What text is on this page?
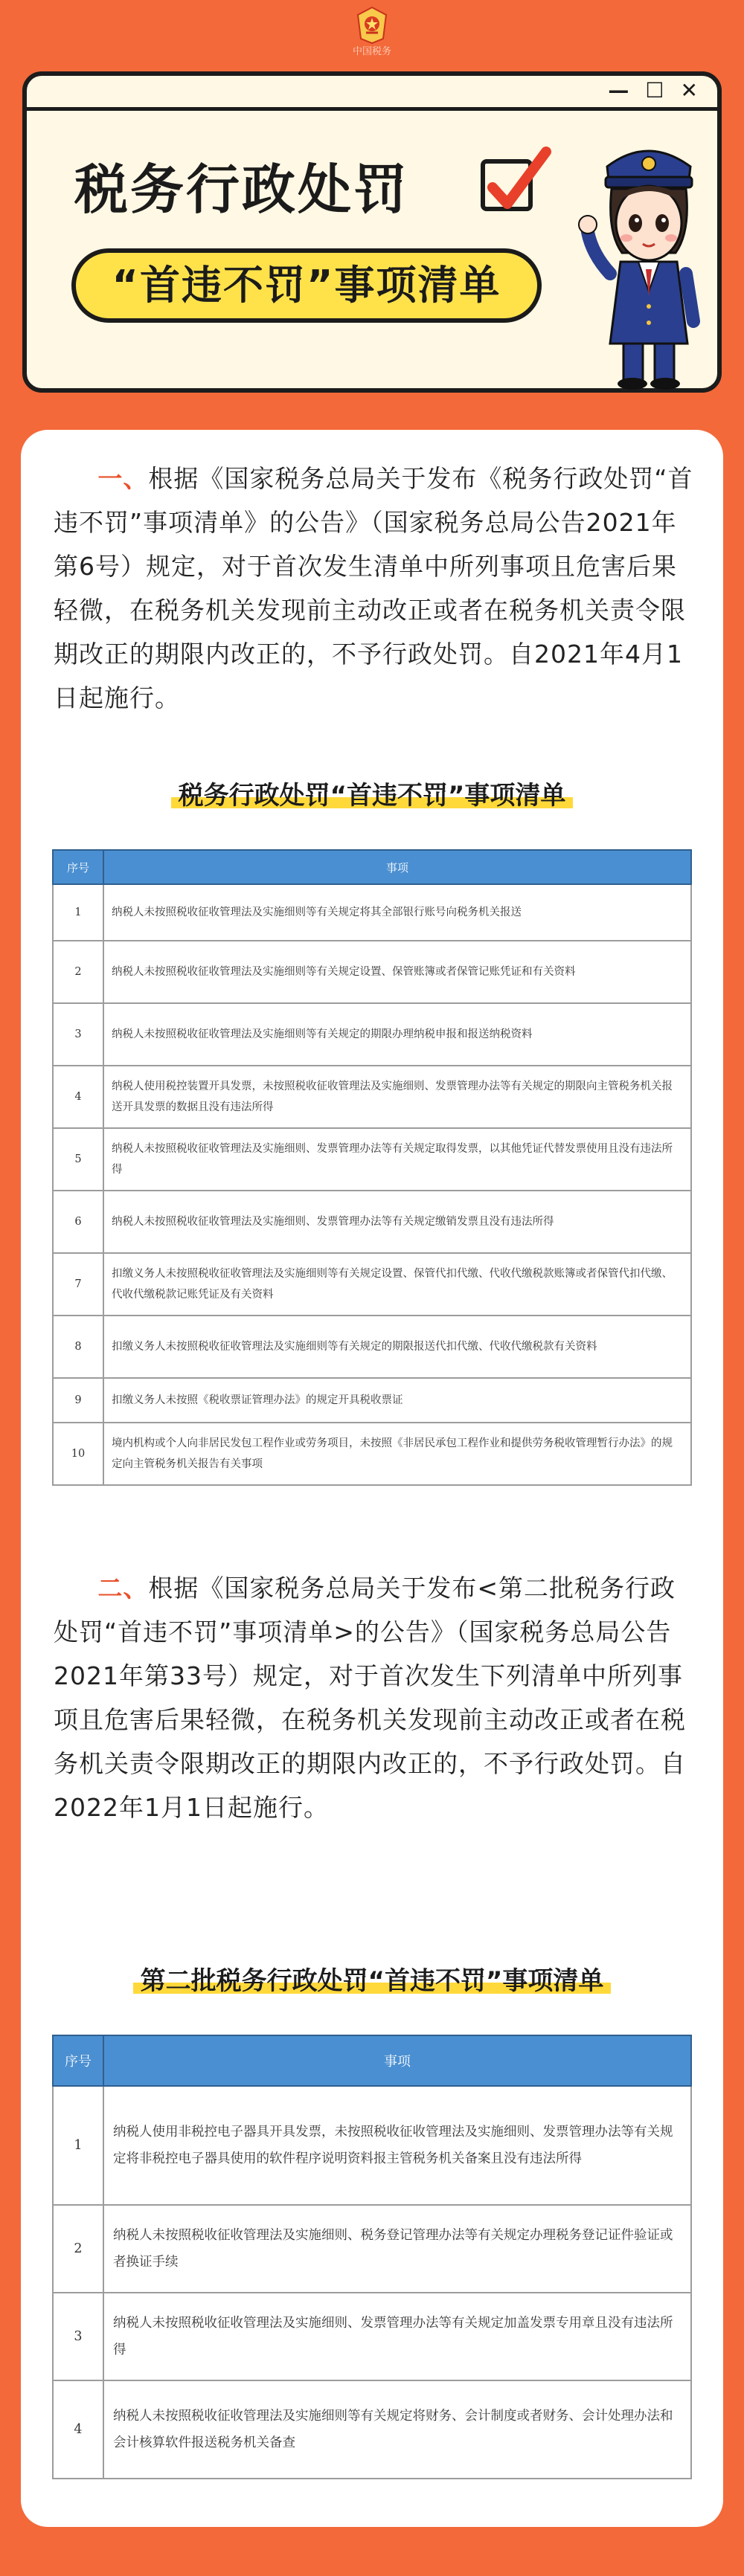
中国税务
— ☐ ✕
税务行政处罚
“首违不罚”事项清单
一、根据《国家税务总局关于发布《税务行政处罚“首违不罚”事项清单》的公告》（国家税务总局公告2021年第6号）规定，对于首次发生清单中所列事项且危害后果轻微，在税务机关发现前主动改正或者在税务机关责令限期改正的期限内改正的，不予行政处罚。自2021年4月1日起施行。
税务行政处罚“首违不罚”事项清单
序号	事项
1	纳税人未按照税收征收管理法及实施细则等有关规定将其全部银行账号向税务机关报送
2	纳税人未按照税收征收管理法及实施细则等有关规定设置、保管账簿或者保管记账凭证和有关资料
3	纳税人未按照税收征收管理法及实施细则等有关规定的期限办理纳税申报和报送纳税资料
4	纳税人使用税控装置开具发票，未按照税收征收管理法及实施细则、发票管理办法等有关规定的期限向主管税务机关报送开具发票的数据且没有违法所得
5	纳税人未按照税收征收管理法及实施细则、发票管理办法等有关规定取得发票，以其他凭证代替发票使用且没有违法所得
6	纳税人未按照税收征收管理法及实施细则、发票管理办法等有关规定缴销发票且没有违法所得
7	扣缴义务人未按照税收征收管理法及实施细则等有关规定设置、保管代扣代缴、代收代缴税款账簿或者保管代扣代缴、代收代缴税款记账凭证及有关资料
8	扣缴义务人未按照税收征收管理法及实施细则等有关规定的期限报送代扣代缴、代收代缴税款有关资料
9	扣缴义务人未按照《税收票证管理办法》的规定开具税收票证
10	境内机构或个人向非居民发包工程作业或劳务项目，未按照《非居民承包工程作业和提供劳务税收管理暂行办法》的规定向主管税务机关报告有关事项
二、根据《国家税务总局关于发布<第二批税务行政处罚“首违不罚”事项清单>的公告》（国家税务总局公告2021年第33号）规定，对于首次发生下列清单中所列事项且危害后果轻微，在税务机关发现前主动改正或者在税务机关责令限期改正的期限内改正的，不予行政处罚。自2022年1月1日起施行。
第二批税务行政处罚“首违不罚”事项清单
序号	事项
1	纳税人使用非税控电子器具开具发票，未按照税收征收管理法及实施细则、发票管理办法等有关规定将非税控电子器具使用的软件程序说明资料报主管税务机关备案且没有违法所得
2	纳税人未按照税收征收管理法及实施细则、税务登记管理办法等有关规定办理税务登记证件验证或者换证手续
3	纳税人未按照税收征收管理法及实施细则、发票管理办法等有关规定加盖发票专用章且没有违法所得
4	纳税人未按照税收征收管理法及实施细则等有关规定将财务、会计制度或者财务、会计处理办法和会计核算软件报送税务机关备查
